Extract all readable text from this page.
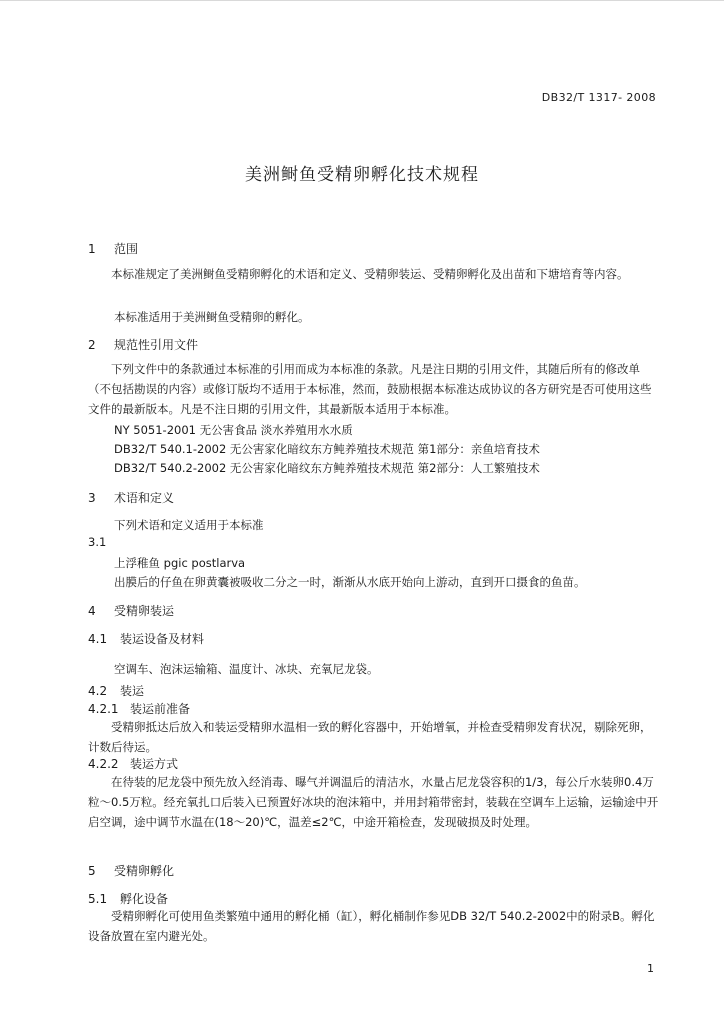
DB32/T 1317- 2008
美洲鲥鱼受精卵孵化技术规程
1 范围
本标准规定了美洲鲥鱼受精卵孵化的术语和定义、受精卵装运、受精卵孵化及出苗和下塘培育等内容。
本标准适用于美洲鲥鱼受精卵的孵化。
2 规范性引用文件
下列文件中的条款通过本标准的引用而成为本标准的条款。凡是注日期的引用文件，其随后所有的修改单（不包括勘误的内容）或修订版均不适用于本标准，然而，鼓励根据本标准达成协议的各方研究是否可使用这些文件的最新版本。凡是不注日期的引用文件，其最新版本适用于本标准。
NY 5051-2001 无公害食品 淡水养殖用水水质
DB32/T 540.1-2002 无公害家化暗纹东方鲀养殖技术规范 第1部分：亲鱼培育技术
DB32/T 540.2-2002 无公害家化暗纹东方鲀养殖技术规范 第2部分：人工繁殖技术
3 术语和定义
下列术语和定义适用于本标准
3.1
上浮稚鱼 pgic postlarva
出膜后的仔鱼在卵黄囊被吸收二分之一时，渐渐从水底开始向上游动，直到开口摄食的鱼苗。
4 受精卵装运
4.1 装运设备及材料
空调车、泡沫运输箱、温度计、冰块、充氧尼龙袋。
4.2 装运
4.2.1 装运前准备
受精卵抵达后放入和装运受精卵水温相一致的孵化容器中，开始增氧，并检查受精卵发育状况，剔除死卵，计数后待运。
4.2.2 装运方式
在待装的尼龙袋中预先放入经消毒、曝气并调温后的清洁水，水量占尼龙袋容积的1/3，每公斤水装卵0.4万粒～0.5万粒。经充氧扎口后装入已预置好冰块的泡沫箱中，并用封箱带密封，装载在空调车上运输，运输途中开启空调，途中调节水温在(18～20)℃，温差≤2℃，中途开箱检查，发现破损及时处理。
5 受精卵孵化
5.1 孵化设备
受精卵孵化可使用鱼类繁殖中通用的孵化桶（缸），孵化桶制作参见DB 32/T 540.2-2002中的附录B。孵化设备放置在室内避光处。
1
